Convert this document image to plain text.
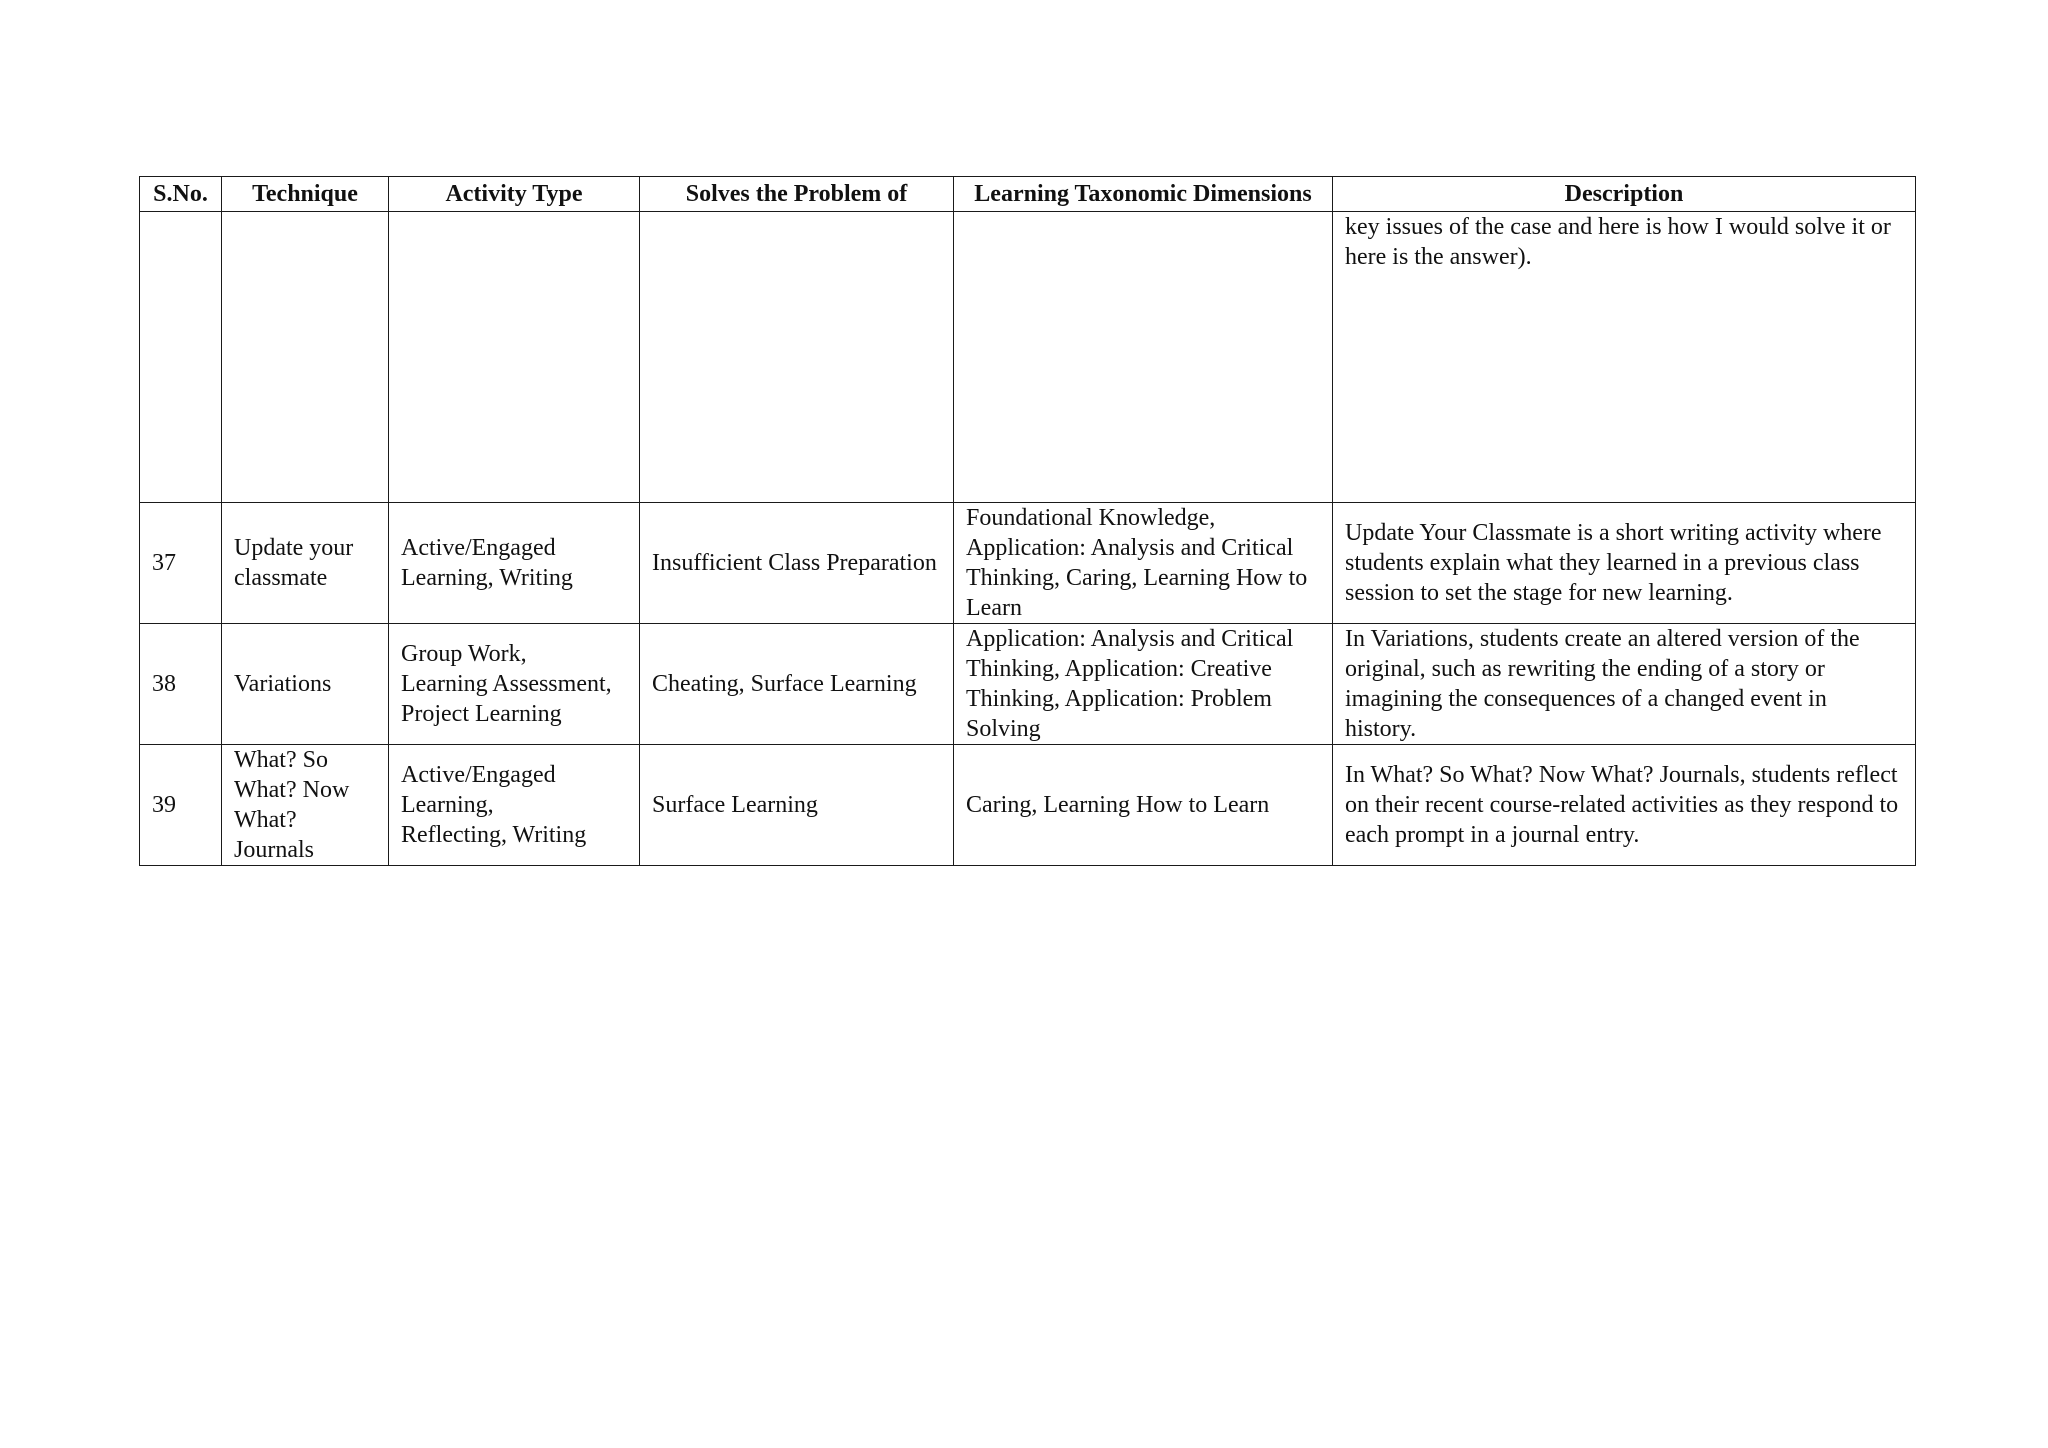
S.No.	Technique	Activity Type	Solves the Problem of	Learning Taxonomic Dimensions	Description
					key issues of the case and here is how I would solve it or here is the answer).
37	Update your classmate	Active/Engaged Learning, Writing	Insufficient Class Preparation	Foundational Knowledge, Application: Analysis and Critical Thinking, Caring, Learning How to Learn	Update Your Classmate is a short writing activity where students explain what they learned in a previous class session to set the stage for new learning.
38	Variations	Group Work,
Learning Assessment,
Project Learning	Cheating, Surface Learning	Application: Analysis and Critical Thinking, Application: Creative Thinking, Application: Problem Solving	In Variations, students create an altered version of the original, such as rewriting the ending of a story or imagining the consequences of a changed event in history.
39	What? So
What? Now
What?
Journals	Active/Engaged
Learning,
Reflecting, Writing	Surface Learning	Caring, Learning How to Learn	In What? So What? Now What? Journals, students reflect on their recent course-related activities as they respond to each prompt in a journal entry.
